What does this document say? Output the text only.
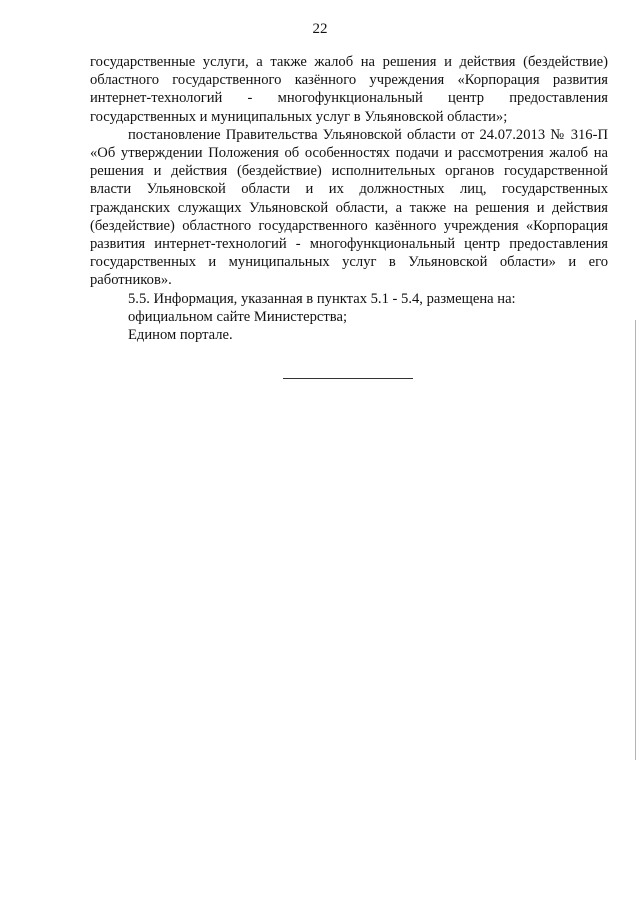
22

государственные услуги, а также жалоб на решения и действия (бездействие) областного государственного казённого учреждения «Корпорация развития интернет-технологий - многофункциональный центр предоставления государственных и муниципальных услуг в Ульяновской области»;

постановление Правительства Ульяновской области от 24.07.2013 № 316-П «Об утверждении Положения об особенностях подачи и рассмотрения жалоб на решения и действия (бездействие) исполнительных органов государственной власти Ульяновской области и их должностных лиц, государственных гражданских служащих Ульяновской области, а также на решения и действия (бездействие) областного государственного казённого учреждения «Корпорация развития интернет-технологий - многофункциональный центр предоставления государственных и муниципальных услуг в Ульяновской области» и его работников».

5.5. Информация, указанная в пунктах 5.1 - 5.4, размещена на:

официальном сайте Министерства;

Едином портале.
